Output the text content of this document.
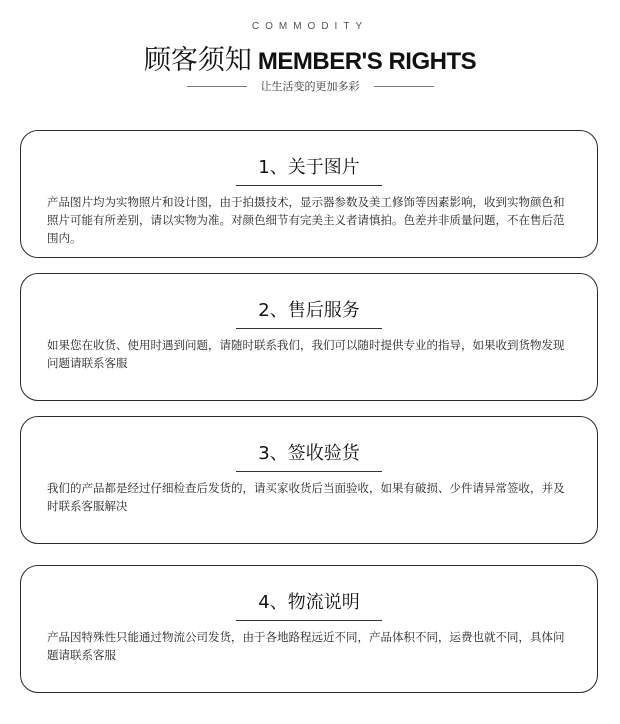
COMMODITY
顾客须知 MEMBER'S RIGHTS
让生活变的更加多彩
1、关于图片
产品图片均为实物照片和设计图，由于拍摄技术，显示器参数及美工修饰等因素影响，收到实物颜色和照片可能有所差别，请以实物为准。对颜色细节有完美主义者请慎拍。色差并非质量问题，不在售后范围内。
2、售后服务
如果您在收货、使用时遇到问题，请随时联系我们，我们可以随时提供专业的指导，如果收到货物发现问题请联系客服
3、签收验货
我们的产品都是经过仔细检查后发货的，请买家收货后当面验收，如果有破损、少件请异常签收，并及时联系客服解决
4、物流说明
产品因特殊性只能通过物流公司发货，由于各地路程远近不同，产品体积不同，运费也就不同，具体问题请联系客服
